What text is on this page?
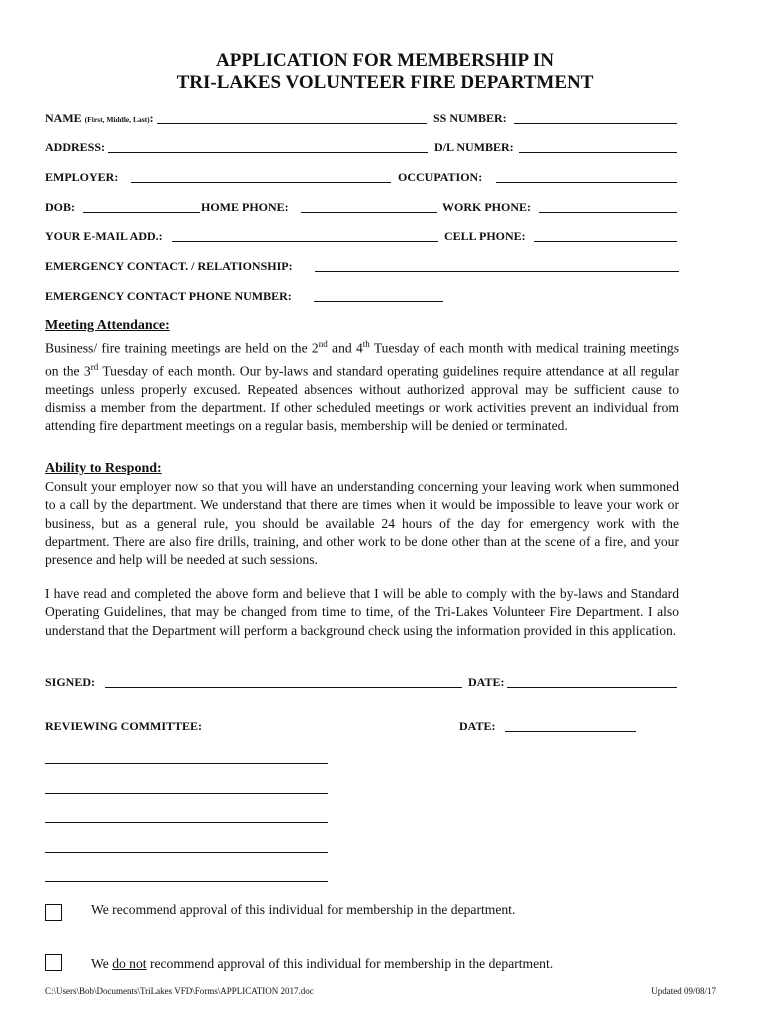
APPLICATION FOR MEMBERSHIP IN
TRI-LAKES VOLUNTEER FIRE DEPARTMENT
NAME (First, Middle, Last):	SS NUMBER:
ADDRESS:	D/L NUMBER:
EMPLOYER:	OCCUPATION:
DOB:	HOME PHONE:	WORK PHONE:
YOUR E-MAIL ADD.:	CELL PHONE:
EMERGENCY CONTACT. / RELATIONSHIP:
EMERGENCY CONTACT PHONE NUMBER:
Meeting Attendance:
Business/ fire training meetings are held on the 2nd and 4th Tuesday of each month with medical training meetings on the 3rd Tuesday of each month. Our by-laws and standard operating guidelines require attendance at all regular meetings unless properly excused. Repeated absences without authorized approval may be sufficient cause to dismiss a member from the department. If other scheduled meetings or work activities prevent an individual from attending fire department meetings on a regular basis, membership will be denied or terminated.
Ability to Respond:
Consult your employer now so that you will have an understanding concerning your leaving work when summoned to a call by the department. We understand that there are times when it would be impossible to leave your work or business, but as a general rule, you should be available 24 hours of the day for emergency work with the department. There are also fire drills, training, and other work to be done other than at the scene of a fire, and your presence and help will be needed at such sessions.
I have read and completed the above form and believe that I will be able to comply with the by-laws and Standard Operating Guidelines, that may be changed from time to time, of the Tri-Lakes Volunteer Fire Department. I also understand that the Department will perform a background check using the information provided in this application.
SIGNED:	DATE:
REVIEWING COMMITTEE:	DATE:
We recommend approval of this individual for membership in the department.
We do not recommend approval of this individual for membership in the department.
C:\Users\Bob\Documents\TriLakes VFD\Forms\APPLICATION 2017.doc	Updated 09/08/17
